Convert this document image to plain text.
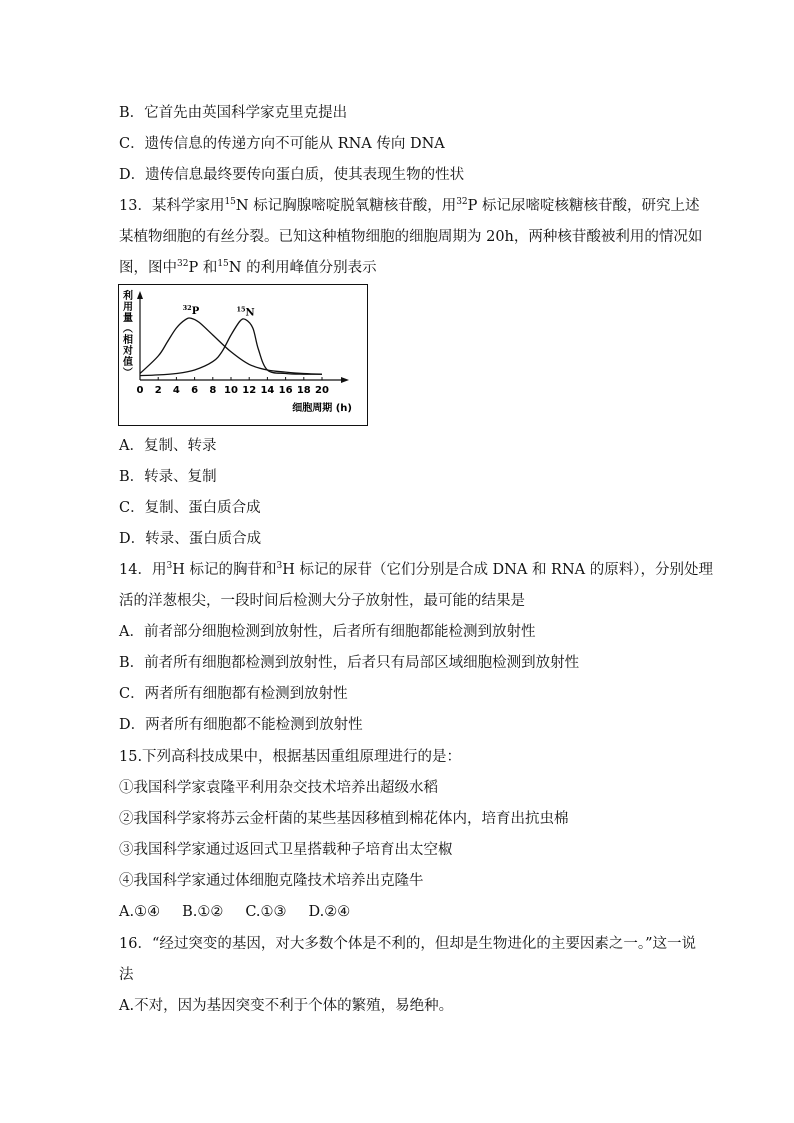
B．它首先由英国科学家克里克提出
C．遗传信息的传递方向不可能从 RNA 传向 DNA
D．遗传信息最终要传向蛋白质，使其表现生物的性状
13．某科学家用$^{15}$N 标记胸腺嘧啶脱氧糖核苷酸，用$^{32}$P 标记尿嘧啶核糖核苷酸，研究上述
某植物细胞的有丝分裂。已知这种植物细胞的细胞周期为 20h，两种核苷酸被利用的情况如
图，图中$^{32}$P 和$^{15}$N 的利用峰值分别表示
利
用
量
（
相
对
值
）
0 2 4 6 8 10 12 14 16 18 20
$^{32}$P	$^{15}$N
细胞周期 (h)
A．复制、转录
B．转录、复制
C．复制、蛋白质合成
D．转录、蛋白质合成
14．用$^3$H 标记的胸苷和$^3$H 标记的尿苷（它们分别是合成 DNA 和 RNA 的原料），分别处理
活的洋葱根尖，一段时间后检测大分子放射性，最可能的结果是
A．前者部分细胞检测到放射性，后者所有细胞都能检测到放射性
B．前者所有细胞都检测到放射性，后者只有局部区域细胞检测到放射性
C．两者所有细胞都有检测到放射性
D．两者所有细胞都不能检测到放射性
15.下列高科技成果中，根据基因重组原理进行的是：
①我国科学家袁隆平利用杂交技术培养出超级水稻
②我国科学家将苏云金杆菌的某些基因移植到棉花体内，培育出抗虫棉
③我国科学家通过返回式卫星搭载种子培育出太空椒
④我国科学家通过体细胞克隆技术培养出克隆牛
A.①④ B.①② C.①③ D.②④
16．“经过突变的基因，对大多数个体是不利的，但却是生物进化的主要因素之一。”这一说
法
A.不对，因为基因突变不利于个体的繁殖，易绝种。
